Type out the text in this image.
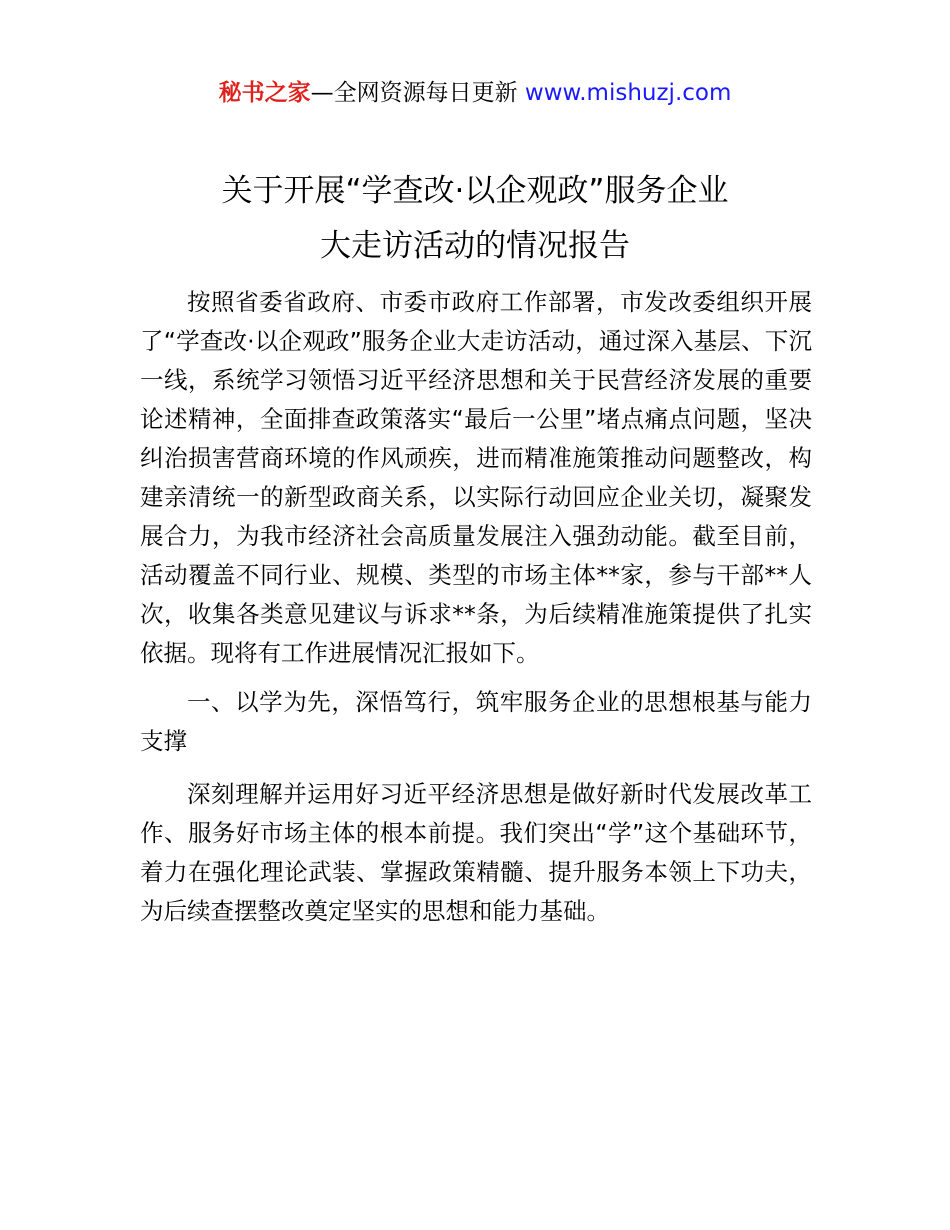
秘书之家—全网资源每日更新 www.mishuzj.com
关于开展“学查改·以企观政”服务企业
大走访活动的情况报告

按照省委省政府、市委市政府工作部署，市发改委组织开展了“学查改·以企观政”服务企业大走访活动，通过深入基层、下沉一线，系统学习领悟习近平经济思想和关于民营经济发展的重要论述精神，全面排查政策落实“最后一公里”堵点痛点问题，坚决纠治损害营商环境的作风顽疾，进而精准施策推动问题整改，构建亲清统一的新型政商关系，以实际行动回应企业关切，凝聚发展合力，为我市经济社会高质量发展注入强劲动能。截至目前，活动覆盖不同行业、规模、类型的市场主体**家，参与干部**人次，收集各类意见建议与诉求**条，为后续精准施策提供了扎实依据。现将有工作进展情况汇报如下。

一、以学为先，深悟笃行，筑牢服务企业的思想根基与能力支撑

深刻理解并运用好习近平经济思想是做好新时代发展改革工作、服务好市场主体的根本前提。我们突出“学”这个基础环节，着力在强化理论武装、掌握政策精髓、提升服务本领上下功夫，为后续查摆整改奠定坚实的思想和能力基础。
